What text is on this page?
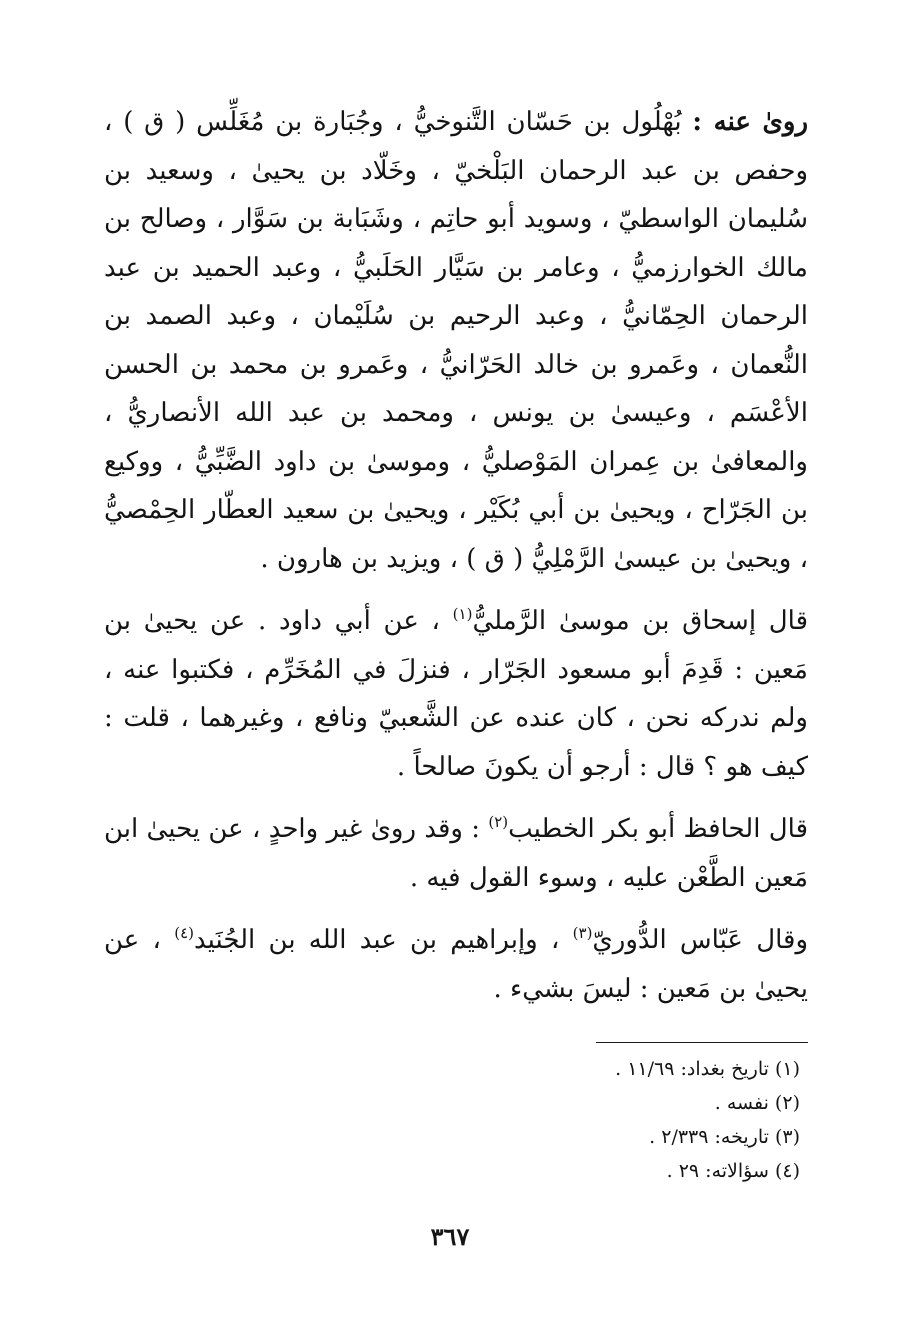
روىٰ عنه : بُهْلُول بن حَسّان التَّنوخيُّ ، وجُبَارة بن مُغَلِّس ( ق ) ، وحفص بن عبد الرحمان البَلْخيّ ، وخَلّاد بن يحيىٰ ، وسعيد بن سُليمان الواسطيّ ، وسويد أبو حاتِم ، وشَبَابة بن سَوَّار ، وصالح بن مالك الخوارزميُّ ، وعامر بن سَيَّار الحَلَبيُّ ، وعبد الحميد بن عبد الرحمان الحِمّانيُّ ، وعبد الرحيم بن سُلَيْمان ، وعبد الصمد بن النُّعمان ، وعَمرو بن خالد الحَرّانيُّ ، وعَمرو بن محمد بن الحسن الأعْسَم ، وعيسىٰ بن يونس ، ومحمد بن عبد الله الأنصاريُّ ، والمعافىٰ بن عِمران المَوْصليُّ ، وموسىٰ بن داود الضَّبِّيُّ ، ووكيع بن الجَرّاح ، ويحيىٰ بن أبي بُكَيْر ، ويحيىٰ بن سعيد العطّار الحِمْصيُّ ، ويحيىٰ بن عيسىٰ الرَّمْلِيُّ ( ق ) ، ويزيد بن هارون .

قال إسحاق بن موسىٰ الرَّمليُّ$^{(١)}$ ، عن أبي داود . عن يحيىٰ بن مَعين : قَدِمَ أبو مسعود الجَرّار ، فنزلَ في المُخَرِّم ، فكتبوا عنه ، ولم ندركه نحن ، كان عنده عن الشَّعبيّ ونافع ، وغيرهما ، قلت : كيف هو ؟ قال : أرجو أن يكونَ صالحاً .

قال الحافظ أبو بكر الخطيب$^{(٢)}$ : وقد روىٰ غير واحدٍ ، عن يحيىٰ ابن مَعين الطَّعْن عليه ، وسوء القول فيه .

وقال عَبّاس الدُّوريّ$^{(٣)}$ ، وإبراهيم بن عبد الله بن الجُنَيد$^{(٤)}$ ، عن يحيىٰ بن مَعين : ليسَ بشيء .

(١) تاريخ بغداد: ١١/٦٩ .
(٢) نفسه .
(٣) تاريخه: ٢/٣٣٩ .
(٤) سؤالاته: ٢٩ .
٣٦٧
